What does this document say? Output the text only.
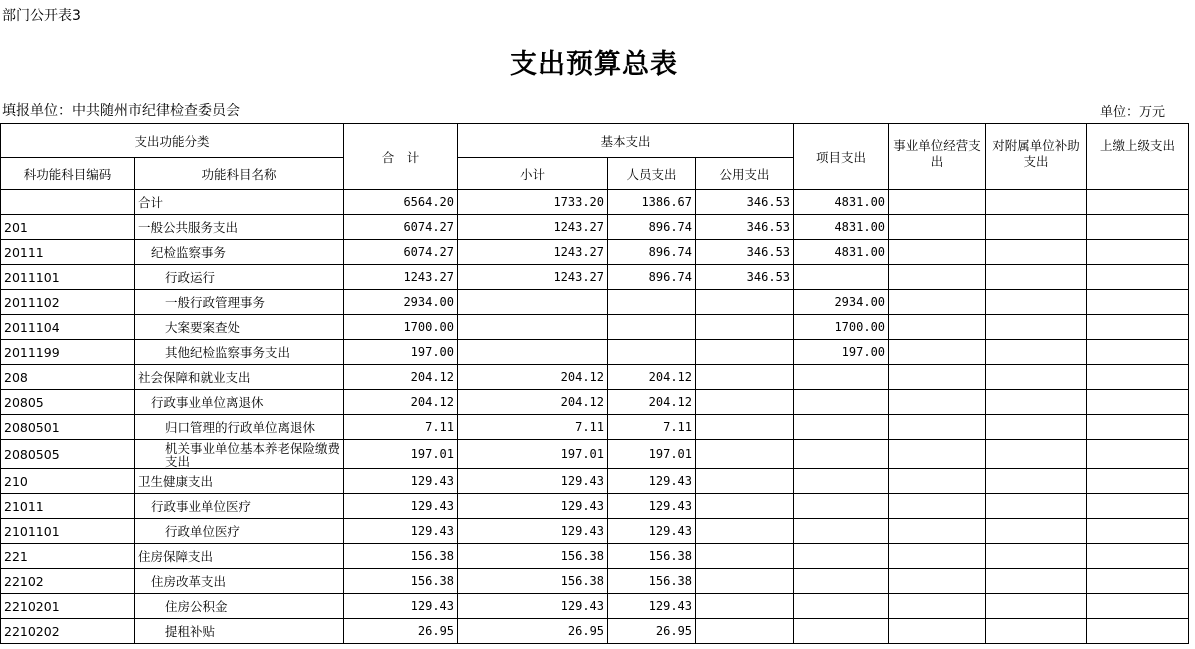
部门公开表3
支出预算总表
填报单位：中共随州市纪律检查委员会	单位：万元
支出功能分类		合　计	基本支出			项目支出	事业单位经营支出	对附属单位补助支出	上缴上级支出
科功能科目编码	功能科目名称		小计	人员支出	公用支出				
	合计	6564.20	1733.20	1386.67	346.53	4831.00			
201	一般公共服务支出	6074.27	1243.27	896.74	346.53	4831.00			
20111	纪检监察事务	6074.27	1243.27	896.74	346.53	4831.00			
2011101	行政运行	1243.27	1243.27	896.74	346.53				
2011102	一般行政管理事务	2934.00				2934.00			
2011104	大案要案查处	1700.00				1700.00			
2011199	其他纪检监察事务支出	197.00				197.00			
208	社会保障和就业支出	204.12	204.12	204.12					
20805	行政事业单位离退休	204.12	204.12	204.12					
2080501	归口管理的行政单位离退休	7.11	7.11	7.11					
2080505	机关事业单位基本养老保险缴费支出	197.01	197.01	197.01					
210	卫生健康支出	129.43	129.43	129.43					
21011	行政事业单位医疗	129.43	129.43	129.43					
2101101	行政单位医疗	129.43	129.43	129.43					
221	住房保障支出	156.38	156.38	156.38					
22102	住房改革支出	156.38	156.38	156.38					
2210201	住房公积金	129.43	129.43	129.43					
2210202	提租补贴	26.95	26.95	26.95					
